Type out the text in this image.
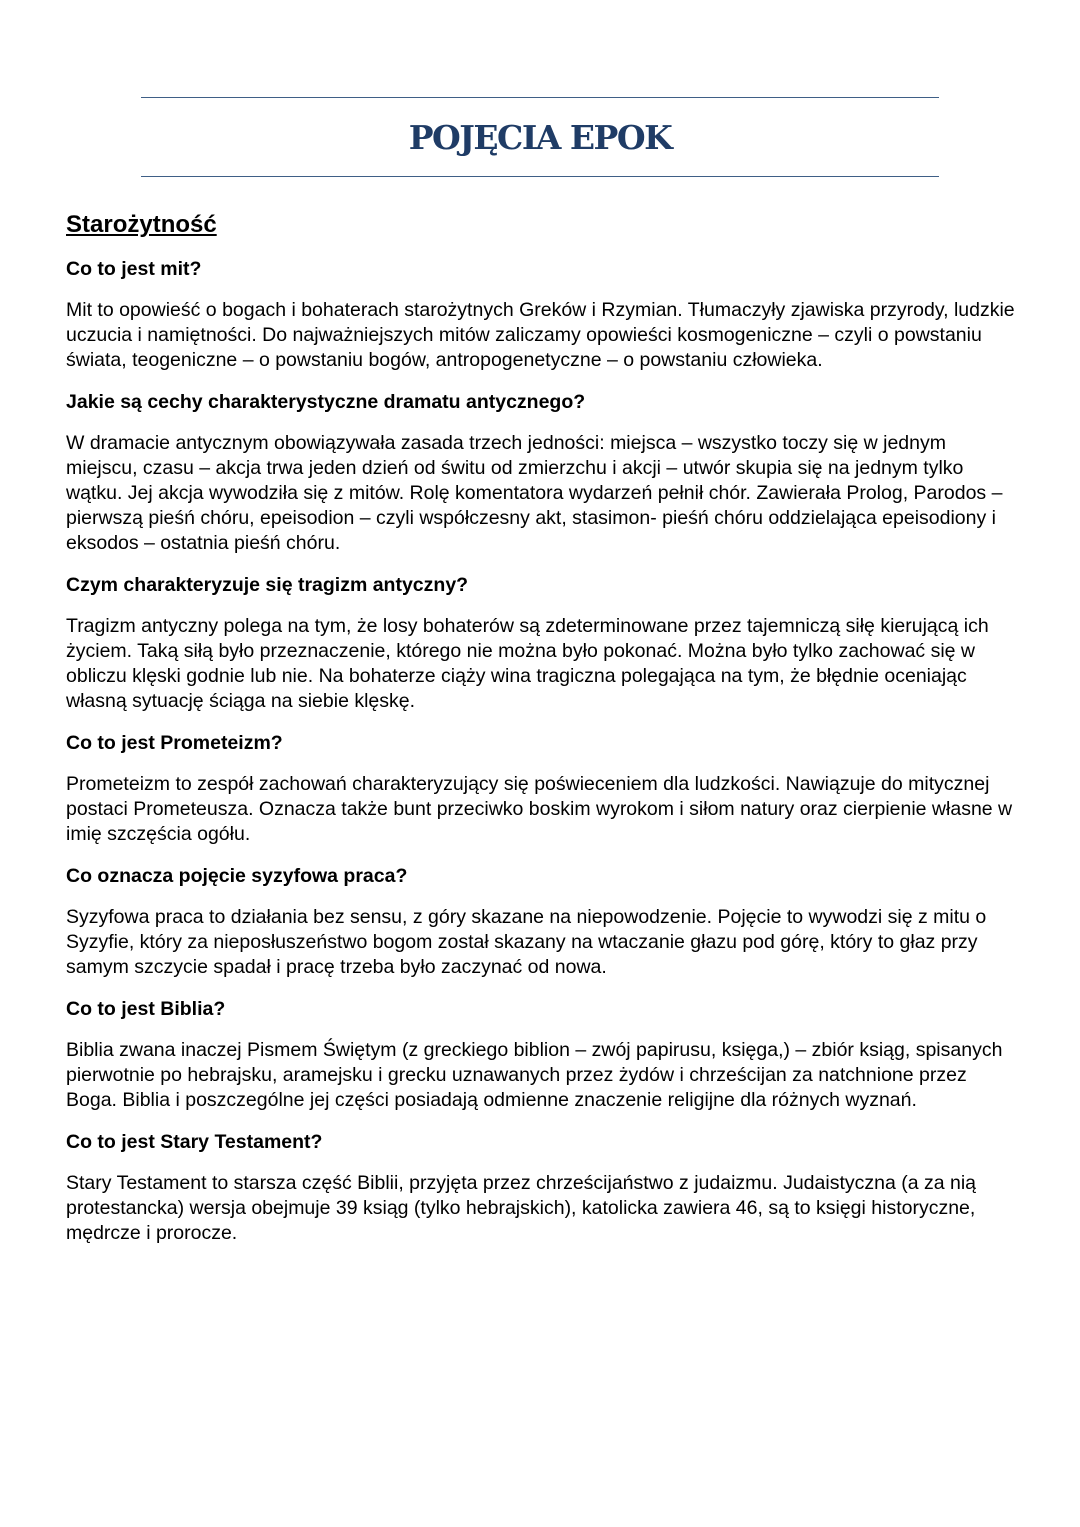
POJĘCIA EPOK
Starożytność
Co to jest mit?
Mit to opowieść o bogach i bohaterach starożytnych Greków i Rzymian. Tłumaczyły zjawiska przyrody, ludzkie uczucia i namiętności. Do najważniejszych mitów zaliczamy opowieści kosmogeniczne – czyli o powstaniu świata, teogeniczne – o powstaniu bogów, antropogenetyczne – o powstaniu człowieka.
Jakie są cechy charakterystyczne dramatu antycznego?
W dramacie antycznym obowiązywała zasada trzech jedności: miejsca – wszystko toczy się w jednym miejscu, czasu – akcja trwa jeden dzień od świtu od zmierzchu i akcji – utwór skupia się na jednym tylko wątku. Jej akcja wywodziła się z mitów. Rolę komentatora wydarzeń pełnił chór. Zawierała Prolog, Parodos – pierwszą pieśń chóru, epeisodion – czyli współczesny akt, stasimon- pieśń chóru oddzielająca epeisodiony i eksodos – ostatnia pieśń chóru.
Czym charakteryzuje się tragizm antyczny?
Tragizm antyczny polega na tym, że losy bohaterów są zdeterminowane przez tajemniczą siłę kierującą ich życiem. Taką siłą było przeznaczenie, którego nie można było pokonać. Można było tylko zachować się w obliczu klęski godnie lub nie. Na bohaterze ciąży wina tragiczna polegająca na tym, że błędnie oceniając własną sytuację ściąga na siebie klęskę.
Co to jest Prometeizm?
Prometeizm to zespół zachowań charakteryzujący się poświeceniem dla ludzkości. Nawiązuje do mitycznej postaci Prometeusza. Oznacza także bunt przeciwko boskim wyrokom i siłom natury oraz cierpienie własne w imię szczęścia ogółu.
Co oznacza pojęcie syzyfowa praca?
Syzyfowa praca to działania bez sensu, z góry skazane na niepowodzenie. Pojęcie to wywodzi się z mitu o Syzyfie, który za nieposłuszeństwo bogom został skazany na wtaczanie głazu pod górę, który to głaz przy samym szczycie spadał i pracę trzeba było zaczynać od nowa.
Co to jest Biblia?
Biblia zwana inaczej Pismem Świętym (z greckiego biblion – zwój papirusu, księga,) – zbiór ksiąg, spisanych pierwotnie po hebrajsku, aramejsku i grecku uznawanych przez żydów i chrześcijan za natchnione przez Boga. Biblia i poszczególne jej części posiadają odmienne znaczenie religijne dla różnych wyznań.
Co to jest Stary Testament?
Stary Testament to starsza część Biblii, przyjęta przez chrześcijaństwo z judaizmu. Judaistyczna (a za nią protestancka) wersja obejmuje 39 ksiąg (tylko hebrajskich), katolicka zawiera 46, są to księgi historyczne, mędrcze i prorocze.
